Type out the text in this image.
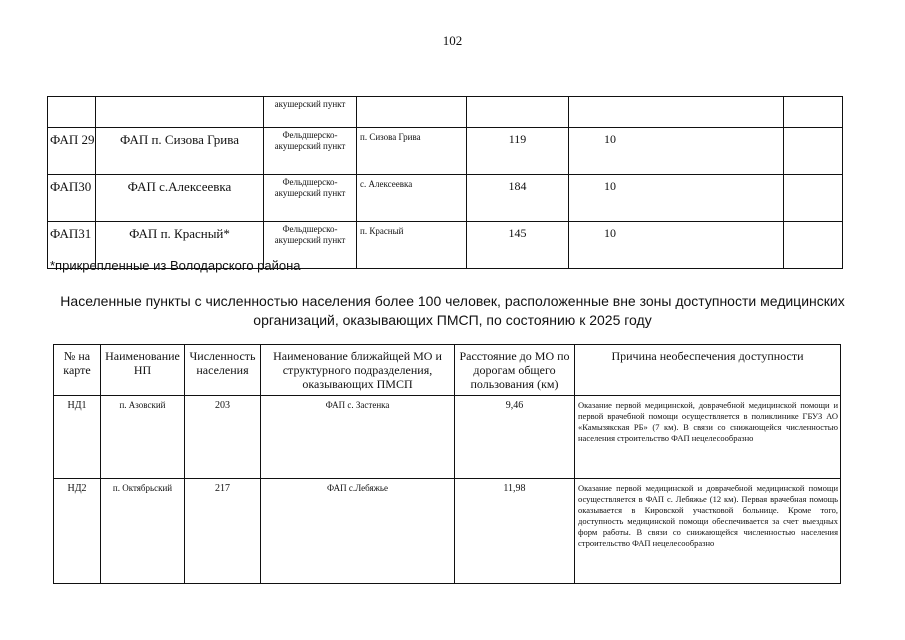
102
		акушерский пункт				
ФАП 29	ФАП п. Сизова Грива	Фельдшерско-акушерский пункт	п. Сизова Грива	119	10	
ФАП30	ФАП с.Алексеевка	Фельдшерско-акушерский пункт	с. Алексеевка	184	10	
ФАП31	ФАП п. Красный*	Фельдшерско-акушерский пункт	п. Красный	145	10	
*прикрепленные из Володарского района
Населенные пункты с численностью населения более 100 человек, расположенные вне зоны доступности медицинских организаций, оказывающих ПМСП, по состоянию к 2025 году
№ на карте	Наименование НП	Численность населения	Наименование ближайщей МО и структурного подразделения, оказывающих ПМСП	Расстояние до МО по дорогам общего пользования (км)	Причина необеспечения доступности
НД1	п. Азовский	203	ФАП с. Застенка	9,46	Оказание первой медицинской, доврачебной медицинской помощи и первой врачебной помощи осуществляется в поликлинике ГБУЗ АО «Камызякская РБ» (7 км). В связи со снижающейся численностью населения строительство ФАП нецелесообразно
НД2	п. Октябрьский	217	ФАП с.Лебяжье	11,98	Оказание первой медицинской и доврачебной медицинской помощи осуществляется в ФАП с. Лебяжье (12 км). Первая врачебная помощь оказывается в Кировской участковой больнице. Кроме того, доступность медицинской помощи обеспечивается за счет выездных форм работы. В связи со снижающейся численностью населения строительство ФАП нецелесообразно
